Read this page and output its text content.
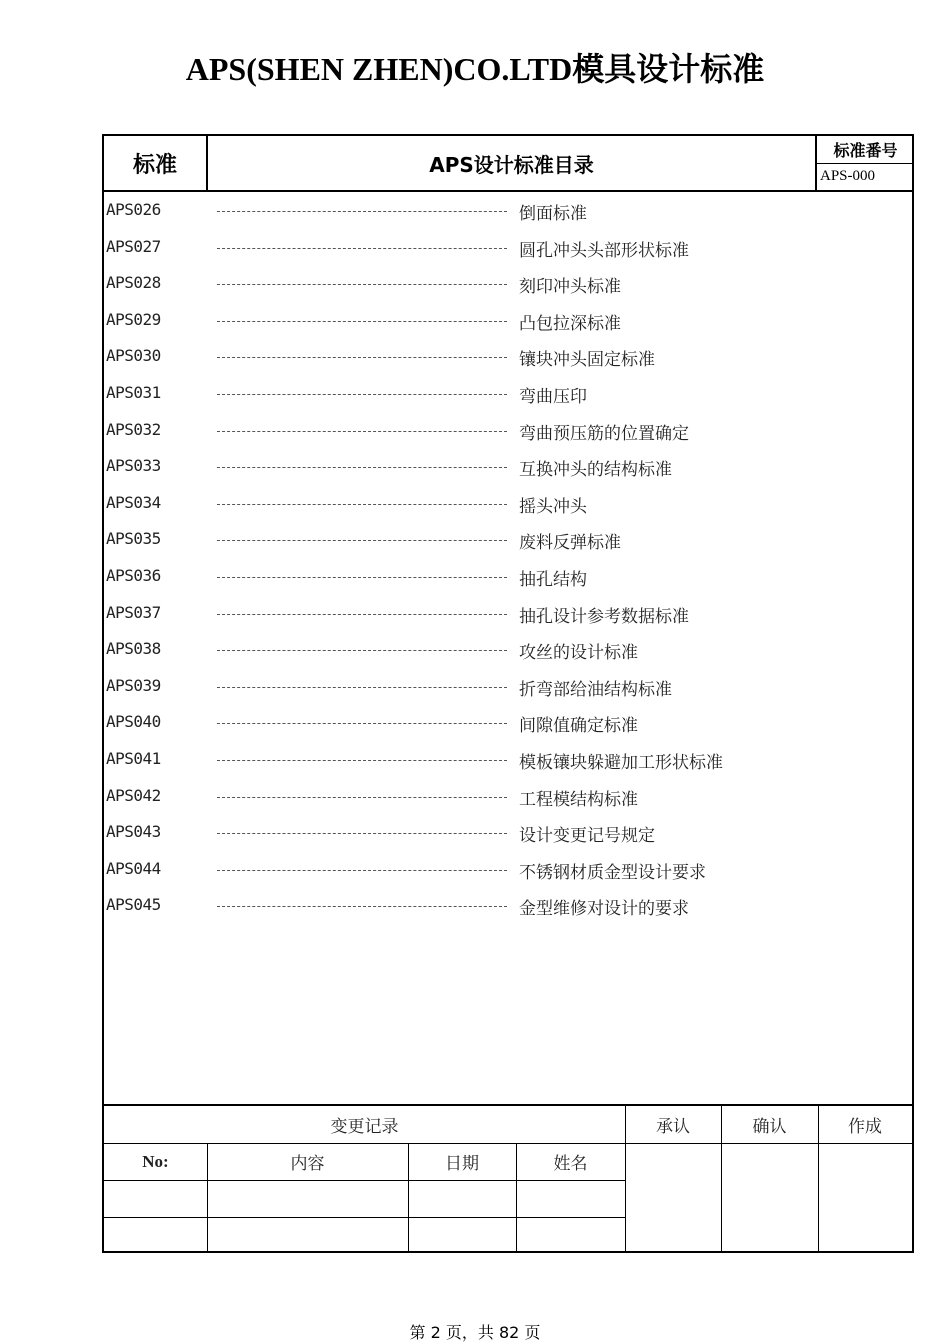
APS(SHEN ZHEN)CO.LTD模具设计标准
标准	APS设计标准目录
标准番号
APS-000
APS026	倒面标准
APS027	圆孔冲头头部形状标准
APS028	刻印冲头标准
APS029	凸包拉深标准
APS030	镶块冲头固定标准
APS031	弯曲压印
APS032	弯曲预压筋的位置确定
APS033	互换冲头的结构标准
APS034	摇头冲头
APS035	废料反弹标准
APS036	抽孔结构
APS037	抽孔设计参考数据标准
APS038	攻丝的设计标准
APS039	折弯部给油结构标准
APS040	间隙值确定标准
APS041	模板镶块躲避加工形状标准
APS042	工程模结构标准
APS043	设计变更记号规定
APS044	不锈钢材质金型设计要求
APS045	金型维修对设计的要求
变更记录	承认	确认	作成
No:	内容	日期	姓名
第 2 页，共 82 页
